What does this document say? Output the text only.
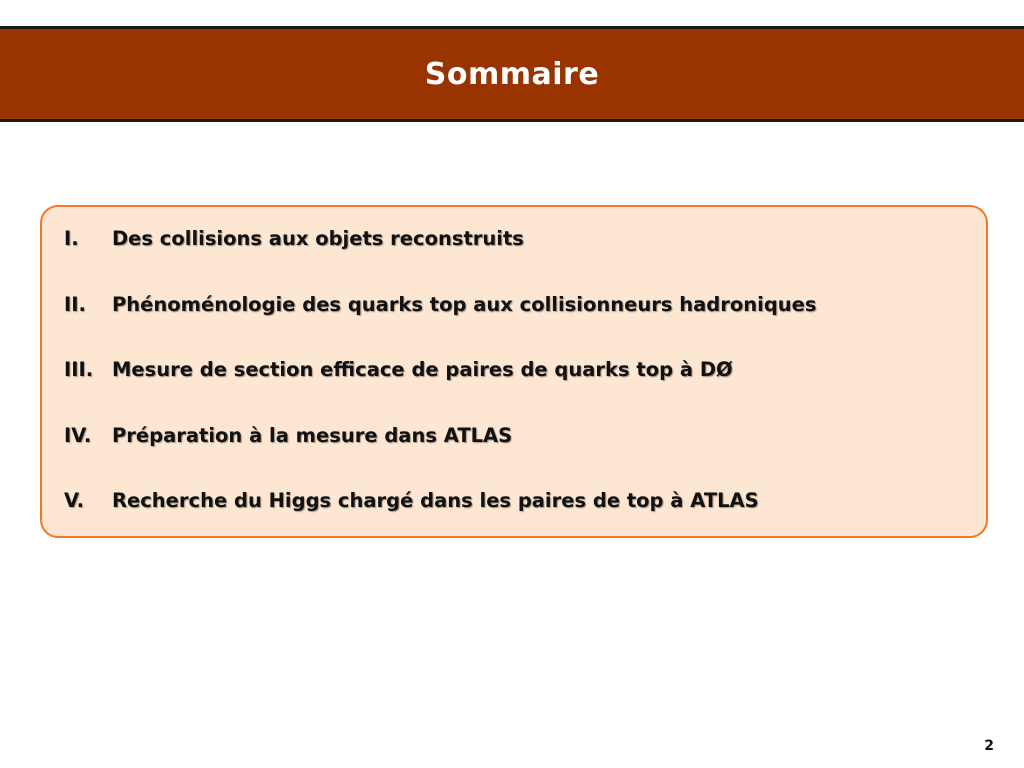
Sommaire
I.	Des collisions aux objets reconstruits
II.	Phénoménologie des quarks top aux collisionneurs hadroniques
III. Mesure de section efficace de paires de quarks top à DØ
IV.	Préparation à la mesure dans ATLAS
V.	Recherche du Higgs chargé dans les paires de top à ATLAS
2
